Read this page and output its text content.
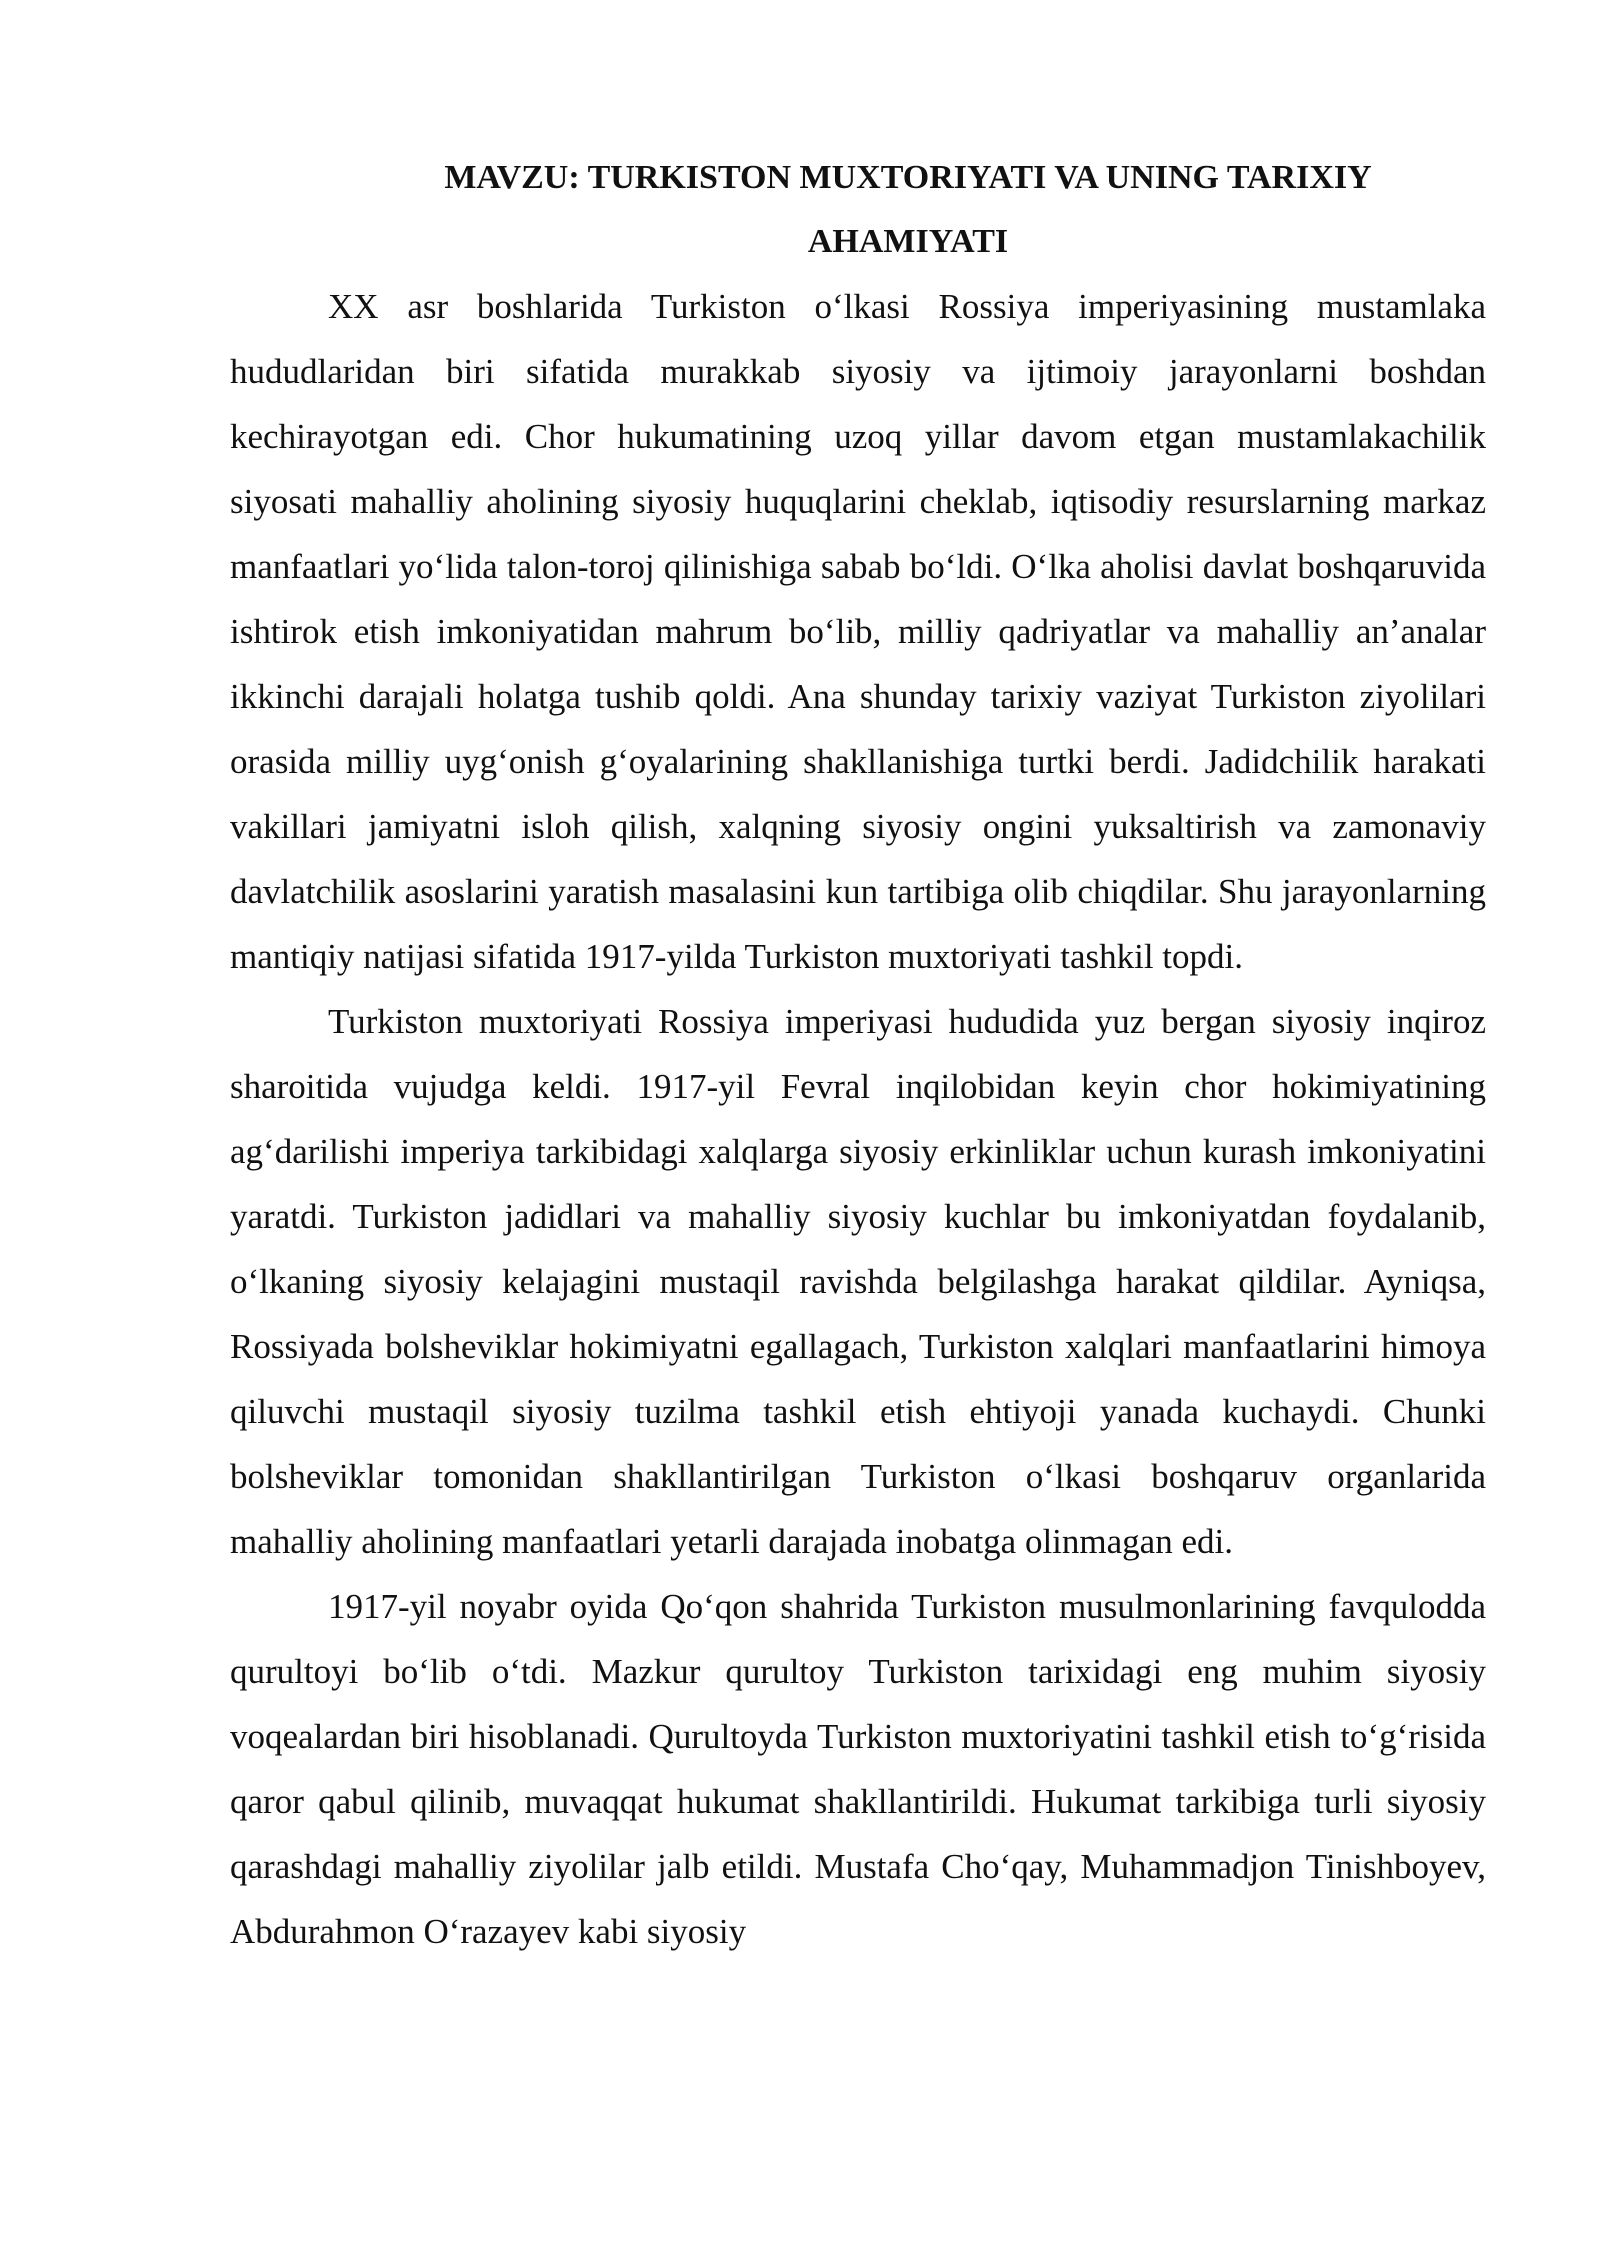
MAVZU: TURKISTON MUXTORIYATI VA UNING TARIXIY
AHAMIYATI

XX asr boshlarida Turkiston o‘lkasi Rossiya imperiyasining mustamlaka hududlaridan biri sifatida murakkab siyosiy va ijtimoiy jarayonlarni boshdan kechirayotgan edi. Chor hukumatining uzoq yillar davom etgan mustamlakachilik siyosati mahalliy aholining siyosiy huquqlarini cheklab, iqtisodiy resurslarning markaz manfaatlari yo‘lida talon-toroj qilinishiga sabab bo‘ldi. O‘lka aholisi davlat boshqaruvida ishtirok etish imkoniyatidan mahrum bo‘lib, milliy qadriyatlar va mahalliy an’analar ikkinchi darajali holatga tushib qoldi. Ana shunday tarixiy vaziyat Turkiston ziyolilari orasida milliy uyg‘onish g‘oyalarining shakllanishiga turtki berdi. Jadidchilik harakati vakillari jamiyatni isloh qilish, xalqning siyosiy ongini yuksaltirish va zamonaviy davlatchilik asoslarini yaratish masalasini kun tartibiga olib chiqdilar. Shu jarayonlarning mantiqiy natijasi sifatida 1917-yilda Turkiston muxtoriyati tashkil topdi.

Turkiston muxtoriyati Rossiya imperiyasi hududida yuz bergan siyosiy inqiroz sharoitida vujudga keldi. 1917-yil Fevral inqilobidan keyin chor hokimiyatining ag‘darilishi imperiya tarkibidagi xalqlarga siyosiy erkinliklar uchun kurash imkoniyatini yaratdi. Turkiston jadidlari va mahalliy siyosiy kuchlar bu imkoniyatdan foydalanib, o‘lkaning siyosiy kelajagini mustaqil ravishda belgilashga harakat qildilar. Ayniqsa, Rossiyada bolsheviklar hokimiyatni egallagach, Turkiston xalqlari manfaatlarini himoya qiluvchi mustaqil siyosiy tuzilma tashkil etish ehtiyoji yanada kuchaydi. Chunki bolsheviklar tomonidan shakllantirilgan Turkiston o‘lkasi boshqaruv organlarida mahalliy aholining manfaatlari yetarli darajada inobatga olinmagan edi.

1917-yil noyabr oyida Qo‘qon shahrida Turkiston musulmonlarining favqulodda qurultoyi bo‘lib o‘tdi. Mazkur qurultoy Turkiston tarixidagi eng muhim siyosiy voqealardan biri hisoblanadi. Qurultoyda Turkiston muxtoriyatini tashkil etish to‘g‘risida qaror qabul qilinib, muvaqqat hukumat shakllantirildi. Hukumat tarkibiga turli siyosiy qarashdagi mahalliy ziyolilar jalb etildi. Mustafa Cho‘qay, Muhammadjon Tinishboyev, Abdurahmon O‘razayev kabi siyosiy
